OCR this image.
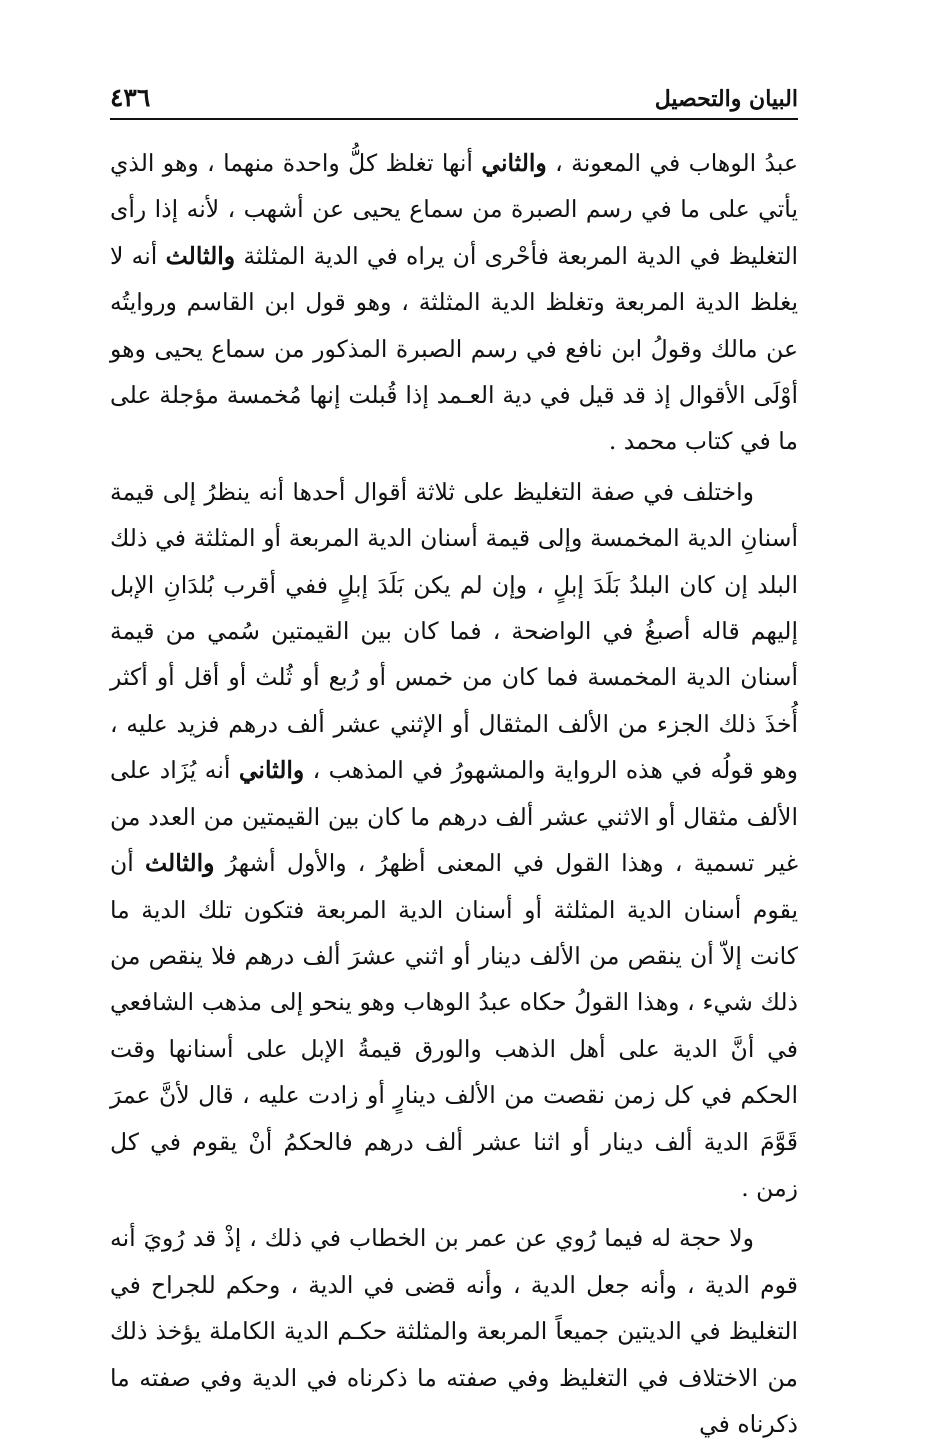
البيان والتحصيل
٤٣٦

عبدُ الوهاب في المعونة ، والثاني أنها تغلظ كلُّ واحدة منهما ، وهو الذي يأتي على ما في رسم الصبرة من سماع يحيى عن أشهب ، لأنه إذا رأى التغليظ في الدية المربعة فأحْرى أن يراه في الدية المثلثة والثالث أنه لا يغلظ الدية المربعة وتغلظ الدية المثلثة ، وهو قول ابن القاسم وروايتُه عن مالك وقولُ ابن نافع في رسم الصبرة المذكور من سماع يحيى وهو أوْلَى الأقوال إذ قد قيل في دية العـمد إذا قُبلت إنها مُخمسة مؤجلة على ما في كتاب محمد .

واختلف في صفة التغليظ على ثلاثة أقوال أحدها أنه ينظرُ إلى قيمة أسنانِ الدية المخمسة وإلى قيمة أسنان الدية المربعة أو المثلثة في ذلك البلد إن كان البلدُ بَلَدَ إبلٍ ، وإن لم يكن بَلَدَ إبلٍ ففي أقرب بُلدَانِ الإبل إليهم قاله أصبغُ في الواضحة ، فما كان بين القيمتين سُمي من قيمة أسنان الدية المخمسة فما كان من خمس أو رُبع أو ثُلث أو أقل أو أكثر أُخذَ ذلك الجزء من الألف المثقال أو الإثني عشر ألف درهم فزيد عليه ، وهو قولُه في هذه الرواية والمشهورُ في المذهب ، والثاني أنه يُزَاد على الألف مثقال أو الاثني عشر ألف درهم ما كان بين القيمتين من العدد من غير تسمية ، وهذا القول في المعنى أظهرُ ، والأول أشهرُ والثالث أن يقوم أسنان الدية المثلثة أو أسنان الدية المربعة فتكون تلك الدية ما كانت إلاّ أن ينقص من الألف دينار أو اثني عشرَ ألف درهم فلا ينقص من ذلك شيء ، وهذا القولُ حكاه عبدُ الوهاب وهو ينحو إلى مذهب الشافعي في أنَّ الدية على أهل الذهب والورق قيمةُ الإبل على أسنانها وقت الحكم في كل زمن نقصت من الألف دينارٍ أو زادت عليه ، قال لأنَّ عمرَ قَوَّمَ الدية ألف دينار أو اثنا عشر ألف درهم فالحكمُ أنْ يقوم في كل زمن .

ولا حجة له فيما رُوي عن عمر بن الخطاب في ذلك ، إذْ قد رُويَ أنه قوم الدية ، وأنه جعل الدية ، وأنه قضى في الدية ، وحكم للجراح في التغليظ في الديتين جميعاً المربعة والمثلثة حكـم الدية الكاملة يؤخذ ذلك من الاختلاف في التغليظ وفي صفته ما ذكرناه في الدية وفي صفته ما ذكرناه في
